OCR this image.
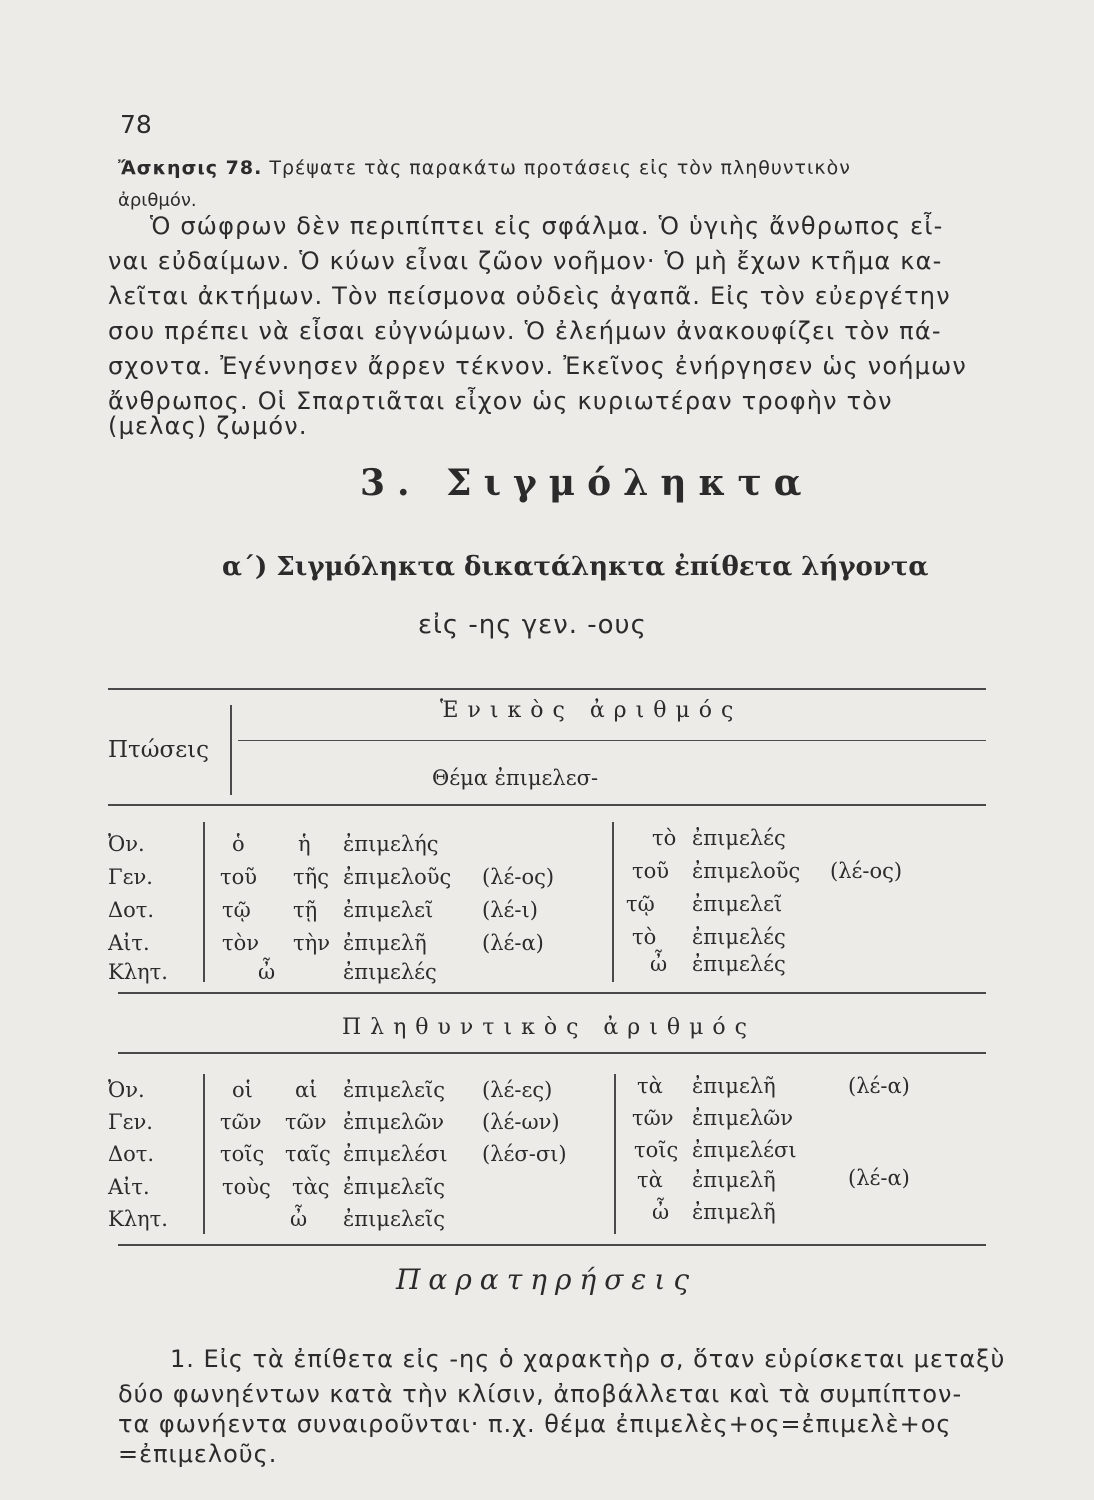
78
Ἄσκησις 78. Τρέψατε τὰς παρακάτω προτάσεις εἰς τὸν πληθυντικὸν
ἀριθμόν.
Ὁ σώφρων δὲν περιπίπτει εἰς σφάλμα. Ὁ ὑγιὴς ἄνθρωπος εἶ-
ναι εὐδαίμων. Ὁ κύων εἶναι ζῶον νοῆμον· Ὁ μὴ ἔχων κτῆμα κα-
λεῖται ἀκτήμων. Τὸν πείσμονα οὐδεὶς ἀγαπᾶ. Εἰς τὸν εὐεργέτην
σου πρέπει νὰ εἶσαι εὐγνώμων. Ὁ ἐλεήμων ἀνακουφίζει τὸν πά-
σχοντα. Ἐγέννησεν ἄρρεν τέκνον. Ἐκεῖνος ἐνήργησεν ὡς νοήμων
ἄνθρωπος. Οἱ Σπαρτιᾶται εἶχον ὡς κυριωτέραν τροφὴν τὸν
(μελας) ζωμόν.
3. Σιγμόληκτα
α΄) Σιγμόληκτα δικατάληκτα ἐπίθετα λήγοντα
εἰς -ης γεν. -ους
Πτώσεις
Ἑνικὸς ἀριθμός
Θέμα ἐπιμελεσ-
Ὀν.	ὁ	ἡ ἐπιμελής	τὸ ἐπιμελές
Γεν.	τοῦ τῆς ἐπιμελοῦς (λέ-ος)	τοῦ ἐπιμελοῦς (λέ-ος)
Δοτ.	τῷ τῇ ἐπιμελεῖ (λέ-ι)	τῷ ἐπιμελεῖ
Αἰτ.	τὸν τὴν ἐπιμελῆ	(λέ-α)	τὸ ἐπιμελές
Κλητ.	ὦ	ἐπιμελές	ὦ ἐπιμελές
Πληθυντικὸς ἀριθμός
Ὀν.	οἱ αἱ ἐπιμελεῖς (λέ-ες)	τὰ ἐπιμελῆ	(λέ-α)
Γεν.	τῶν τῶν ἐπιμελῶν (λέ-ων)	τῶν ἐπιμελῶν
Δοτ.	τοῖς ταῖς ἐπιμελέσι (λέσ-σι)	τοῖς ἐπιμελέσι
Αἰτ.	τοὺς τὰς ἐπιμελεῖς	τὰ ἐπιμελῆ	(λέ-α)
Κλητ.	ὦ ἐπιμελεῖς	ὦ ἐπιμελῆ
Παρατηρήσεις
1. Εἰς τὰ ἐπίθετα εἰς -ης ὁ χαρακτὴρ σ, ὅταν εὑρίσκεται μεταξὺ
δύο φωνηέντων κατὰ τὴν κλίσιν, ἀποβάλλεται καὶ τὰ συμπίπτον-
τα φωνήεντα συναιροῦνται· π.χ. θέμα ἐπιμελὲς+ος=ἐπιμελὲ+ος
=ἐπιμελοῦς.
